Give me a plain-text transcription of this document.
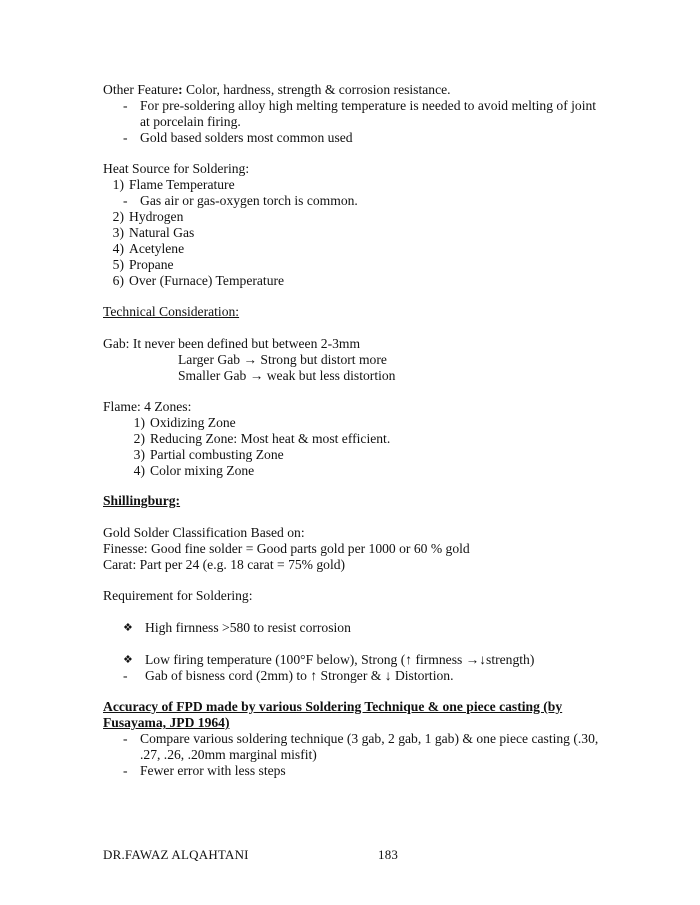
Other Feature: Color, hardness, strength & corrosion resistance.
- For pre-soldering alloy high melting temperature is needed to avoid melting of joint
at porcelain firing.
- Gold based solders most common used
Heat Source for Soldering:
1) Flame Temperature
- Gas air or gas-oxygen torch is common.
2) Hydrogen
3) Natural Gas
4) Acetylene
5) Propane
6) Over (Furnace) Temperature
Technical Consideration:
Gab: It never been defined but between 2-3mm
Larger Gab → Strong but distort more
Smaller Gab → weak but less distortion
Flame: 4 Zones:
1) Oxidizing Zone
2) Reducing Zone: Most heat & most efficient.
3) Partial combusting Zone
4) Color mixing Zone
Shillingburg:
Gold Solder Classification Based on:
Finesse: Good fine solder = Good parts gold per 1000 or 60 % gold
Carat: Part per 24 (e.g. 18 carat = 75% gold)
Requirement for Soldering:
❖ High firnness >580 to resist corrosion
❖ Low firing temperature (100°F below), Strong (↑ firmness →↓strength)
-	Gab of bisness cord (2mm) to ↑ Stronger & ↓ Distortion.
Accuracy of FPD made by various Soldering Technique & one piece casting (by
Fusayama, JPD 1964)
- Compare various soldering technique (3 gab, 2 gab, 1 gab) & one piece casting (.30,
.27, .26, .20mm marginal misfit)
- Fewer error with less steps
DR.FAWAZ ALQAHTANI	183
